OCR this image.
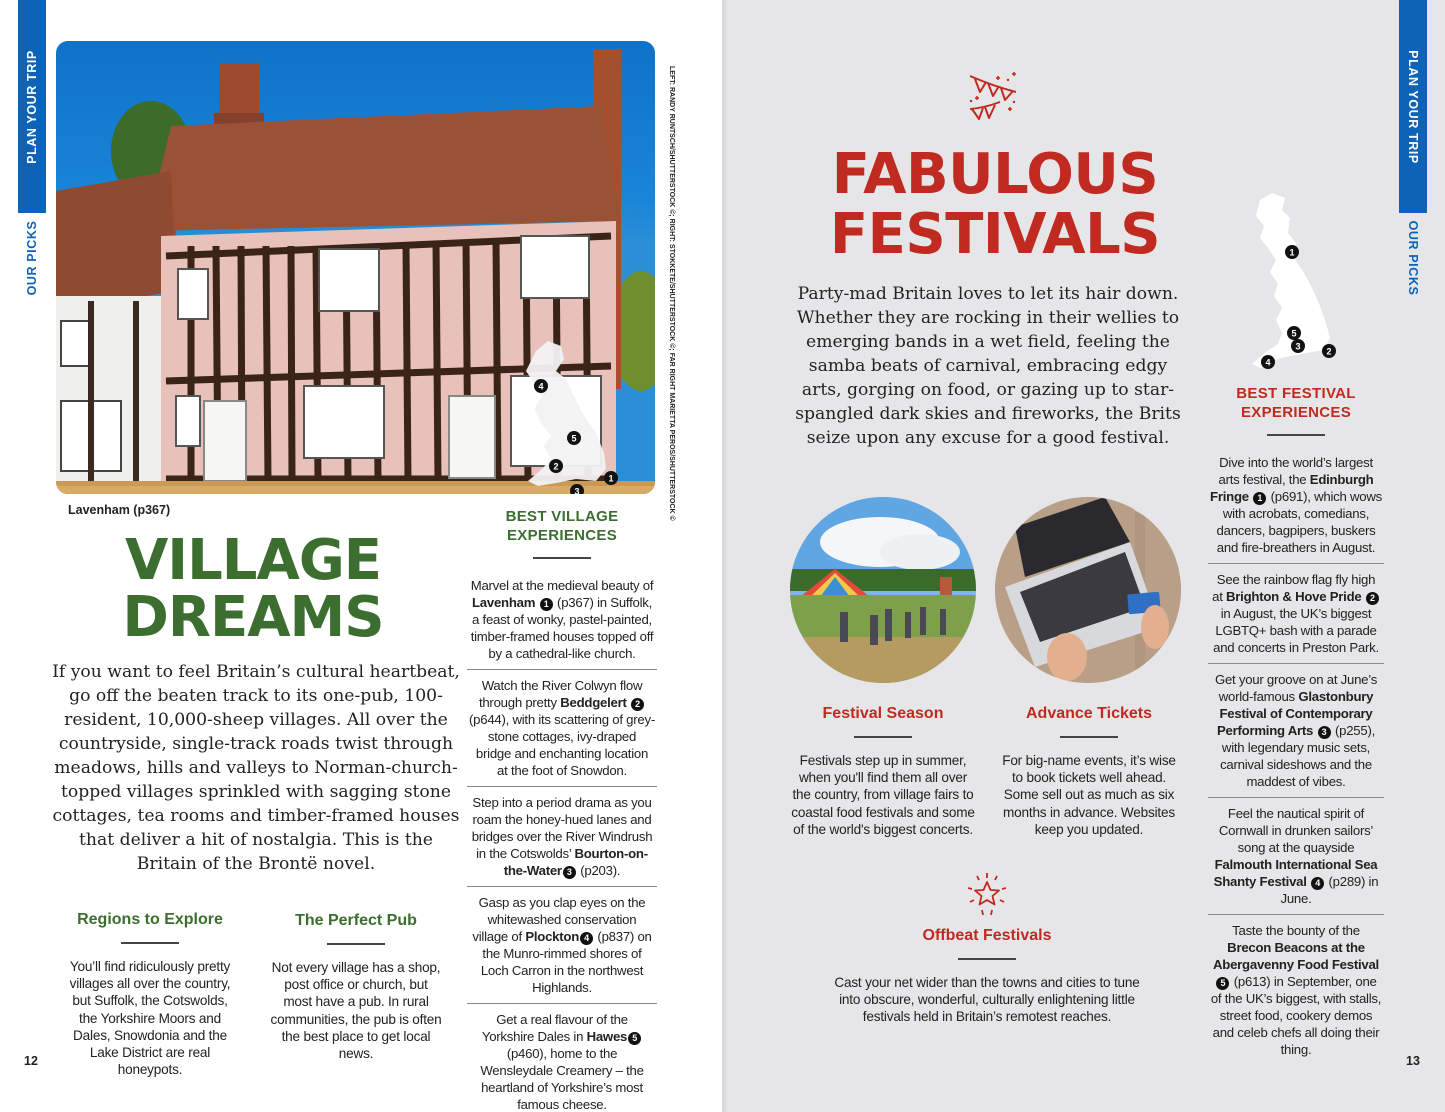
PLAN YOUR TRIP
OUR PICKS
4
5
2
1
3	LEFT: RANDY RUNTSCH/SHUTTERSTOCK ©; RIGHT: STOKKETE/SHUTTERSTOCK ©; FAR RIGHT MARIETTA PEROS/SHUTTERSTOCK ©
Lavenham (p367)
VILLAGE
DREAMS
If you want to feel Britain’s cultural heartbeat, go off the beaten track to its one-pub, 100-resident, 10,000-sheep villages. All over the countryside, single-track roads twist through meadows, hills and valleys to Norman-church-topped villages sprinkled with sagging stone cottages, tea rooms and timber-framed houses that deliver a hit of nostalgia. This is the Britain of the Brontë novel.
Regions to Explore
You’ll find ridiculously pretty villages all over the country, but Suffolk, the Cotswolds, the Yorkshire Moors and Dales, Snowdonia and the Lake District are real honeypots.
The Perfect Pub
Not every village has a shop, post office or church, but most have a pub. In rural communities, the pub is often the best place to get local news.
BEST VILLAGE
EXPERIENCES
Marvel at the medieval beauty of Lavenham 1 (p367) in Suffolk, a feast of wonky, pastel-painted, timber-framed houses topped off by a cathedral-like church.
Watch the River Colwyn flow through pretty Beddgelert 2 (p644), with its scattering of grey-stone cottages, ivy-draped bridge and enchanting location at the foot of Snowdon.
Step into a period drama as you roam the honey-hued lanes and bridges over the River Windrush in the Cotswolds’ Bourton-on-the-Water 3 (p203).
Gasp as you clap eyes on the whitewashed conservation village of Plockton 4 (p837) on the Munro-rimmed shores of Loch Carron in the northwest Highlands.
Get a real flavour of the Yorkshire Dales in Hawes 5 (p460), home to the Wensleydale Creamery – the heartland of Yorkshire’s most famous cheese.
12
PLAN YOUR TRIP
OUR PICKS
FABULOUS
FESTIVALS
Party-mad Britain loves to let its hair down. Whether they are rocking in their wellies to emerging bands in a wet field, feeling the samba beats of carnival, embracing edgy arts, gorging on food, or gazing up to star-spangled dark skies and fireworks, the Brits seize upon any excuse for a good festival.
Festival Season
Festivals step up in summer, when you'll find them all over the country, from village fairs to coastal food festivals and some of the world's biggest concerts.
Advance Tickets
For big-name events, it’s wise to book tickets well ahead. Some sell out as much as six months in advance. Websites keep you updated.
Offbeat Festivals
Cast your net wider than the towns and cities to tune into obscure, wonderful, culturally enlightening little festivals held in Britain’s remotest reaches.
1
2
3
4
5
BEST FESTIVAL
EXPERIENCES
Dive into the world’s largest arts festival, the Edinburgh Fringe 1 (p691), which wows with acrobats, comedians, dancers, bagpipers, buskers and fire-breathers in August.
See the rainbow flag fly high at Brighton & Hove Pride 2 in August, the UK’s biggest LGBTQ+ bash with a parade and concerts in Preston Park.
Get your groove on at June’s world-famous Glastonbury Festival of Contemporary Performing Arts 3 (p255), with legendary music sets, carnival sideshows and the maddest of vibes.
Feel the nautical spirit of Cornwall in drunken sailors’ song at the quayside Falmouth International Sea Shanty Festival 4 (p289) in June.
Taste the bounty of the Brecon Beacons at the Abergavenny Food Festival 5 (p613) in September, one of the UK’s biggest, with stalls, street food, cookery demos and celeb chefs all doing their thing.
13
